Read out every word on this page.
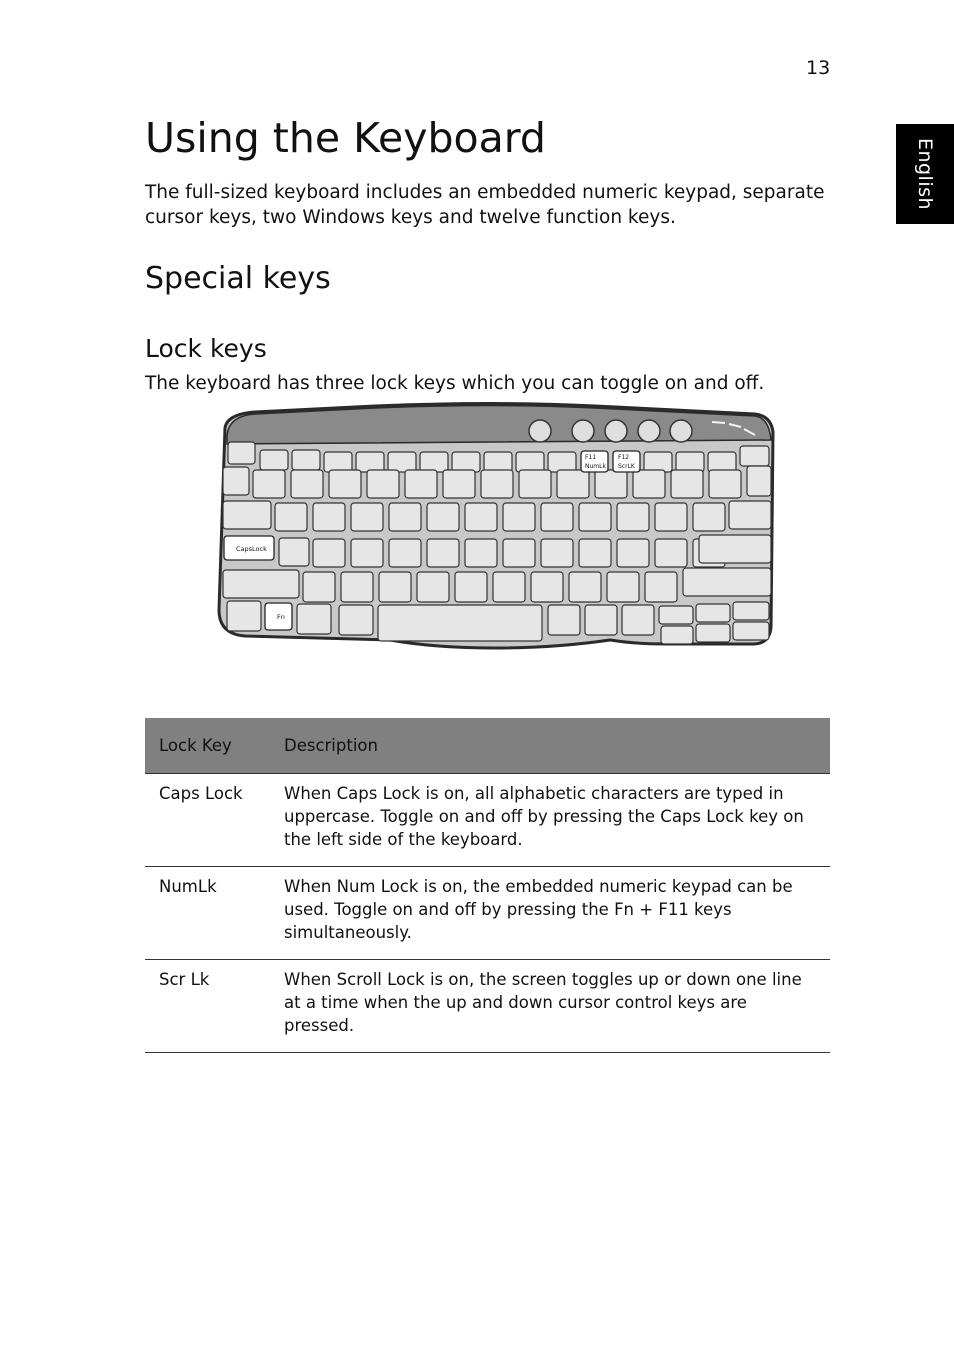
13
English
Using the Keyboard

The full-sized keyboard includes an embedded numeric keypad, separate cursor keys, two Windows keys and twelve function keys.

Special keys
Lock keys

The keyboard has three lock keys which you can toggle on and off.

CapsLock
Fn
F11
NumLk
F12
ScrLK
Lock Key	Description
Caps Lock	When Caps Lock is on, all alphabetic characters are typed in uppercase. Toggle on and off by pressing the Caps Lock key on the left side of the keyboard.
NumLk	When Num Lock is on, the embedded numeric keypad can be used. Toggle on and off by pressing the Fn + F11 keys simultaneously.
Scr Lk	When Scroll Lock is on, the screen toggles up or down one line at a time when the up and down cursor control keys are pressed.
